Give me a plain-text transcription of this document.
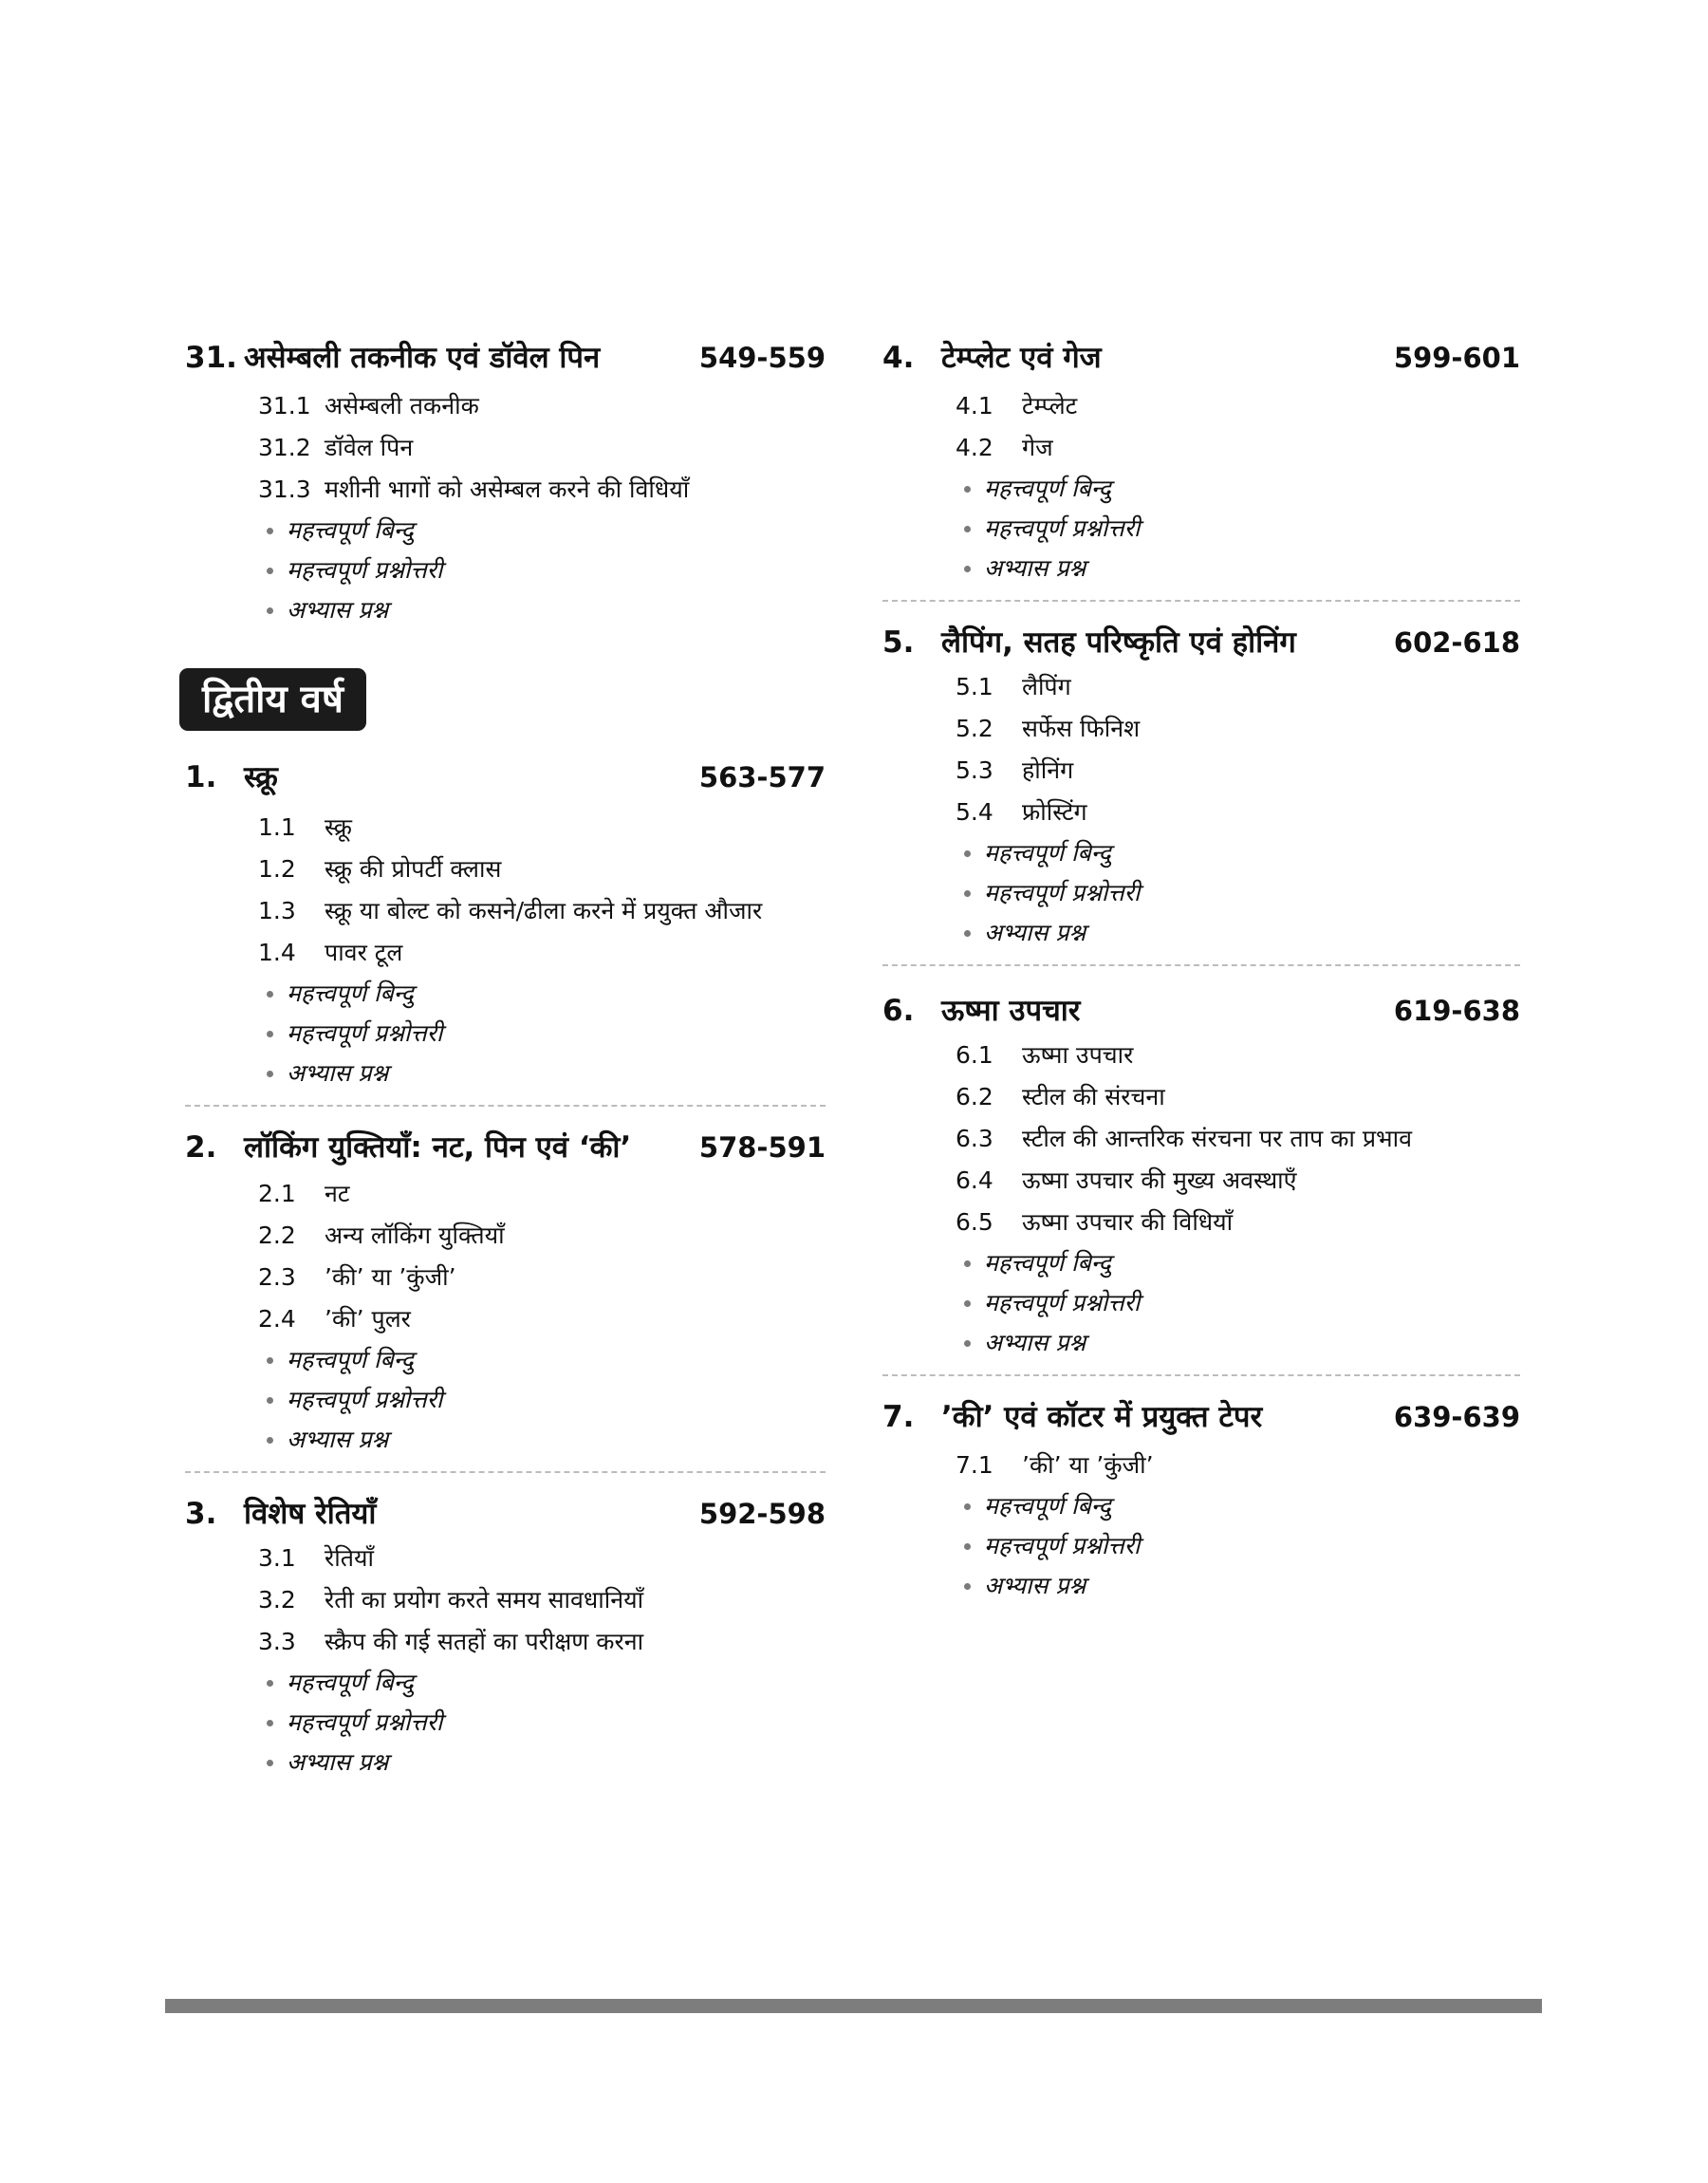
31. असेम्बली तकनीक एवं डॉवेल पिन	549-559
31.1 असेम्बली तकनीक
31.2 डॉवेल पिन
31.3 मशीनी भागों को असेम्बल करने की विधियाँ
महत्त्वपूर्ण बिन्दु
महत्त्वपूर्ण प्रश्नोत्तरी
अभ्यास प्रश्न
द्वितीय वर्ष
1. स्क्रू	563-577
1.1	स्क्रू
1.2	स्क्रू की प्रोपर्टी क्लास
1.3	स्क्रू या बोल्ट को कसने/ढीला करने में प्रयुक्त औजार
1.4	पावर टूल
महत्त्वपूर्ण बिन्दु
महत्त्वपूर्ण प्रश्नोत्तरी
अभ्यास प्रश्न
2. लॉकिंग युक्तियाँ: नट, पिन एवं ‘की’	578-591
2.1	नट
2.2	अन्य लॉकिंग युक्तियाँ
2.3	’की’ या ’कुंजी’
2.4	’की’ पुलर
महत्त्वपूर्ण बिन्दु
महत्त्वपूर्ण प्रश्नोत्तरी
अभ्यास प्रश्न
3. विशेष रेतियाँ	592-598
3.1	रेतियाँ
3.2	रेती का प्रयोग करते समय सावधानियाँ
3.3	स्क्रैप की गई सतहों का परीक्षण करना
महत्त्वपूर्ण बिन्दु
महत्त्वपूर्ण प्रश्नोत्तरी
अभ्यास प्रश्न
4. टेम्प्लेट एवं गेज	599-601
4.1	टेम्प्लेट
4.2	गेज
महत्त्वपूर्ण बिन्दु
महत्त्वपूर्ण प्रश्नोत्तरी
अभ्यास प्रश्न
5. लैपिंग, सतह परिष्कृति एवं होनिंग	602-618
5.1	लैपिंग
5.2	सर्फेस फिनिश
5.3	होनिंग
5.4	फ्रोस्टिंग
महत्त्वपूर्ण बिन्दु
महत्त्वपूर्ण प्रश्नोत्तरी
अभ्यास प्रश्न
6. ऊष्मा उपचार	619-638
6.1	ऊष्मा उपचार
6.2	स्टील की संरचना
6.3	स्टील की आन्तरिक संरचना पर ताप का प्रभाव
6.4	ऊष्मा उपचार की मुख्य अवस्थाएँ
6.5	ऊष्मा उपचार की विधियाँ
महत्त्वपूर्ण बिन्दु
महत्त्वपूर्ण प्रश्नोत्तरी
अभ्यास प्रश्न
7. ’की’ एवं कॉटर में प्रयुक्त टेपर	639-639
7.1	’की’ या ’कुंजी’
महत्त्वपूर्ण बिन्दु
महत्त्वपूर्ण प्रश्नोत्तरी
अभ्यास प्रश्न
